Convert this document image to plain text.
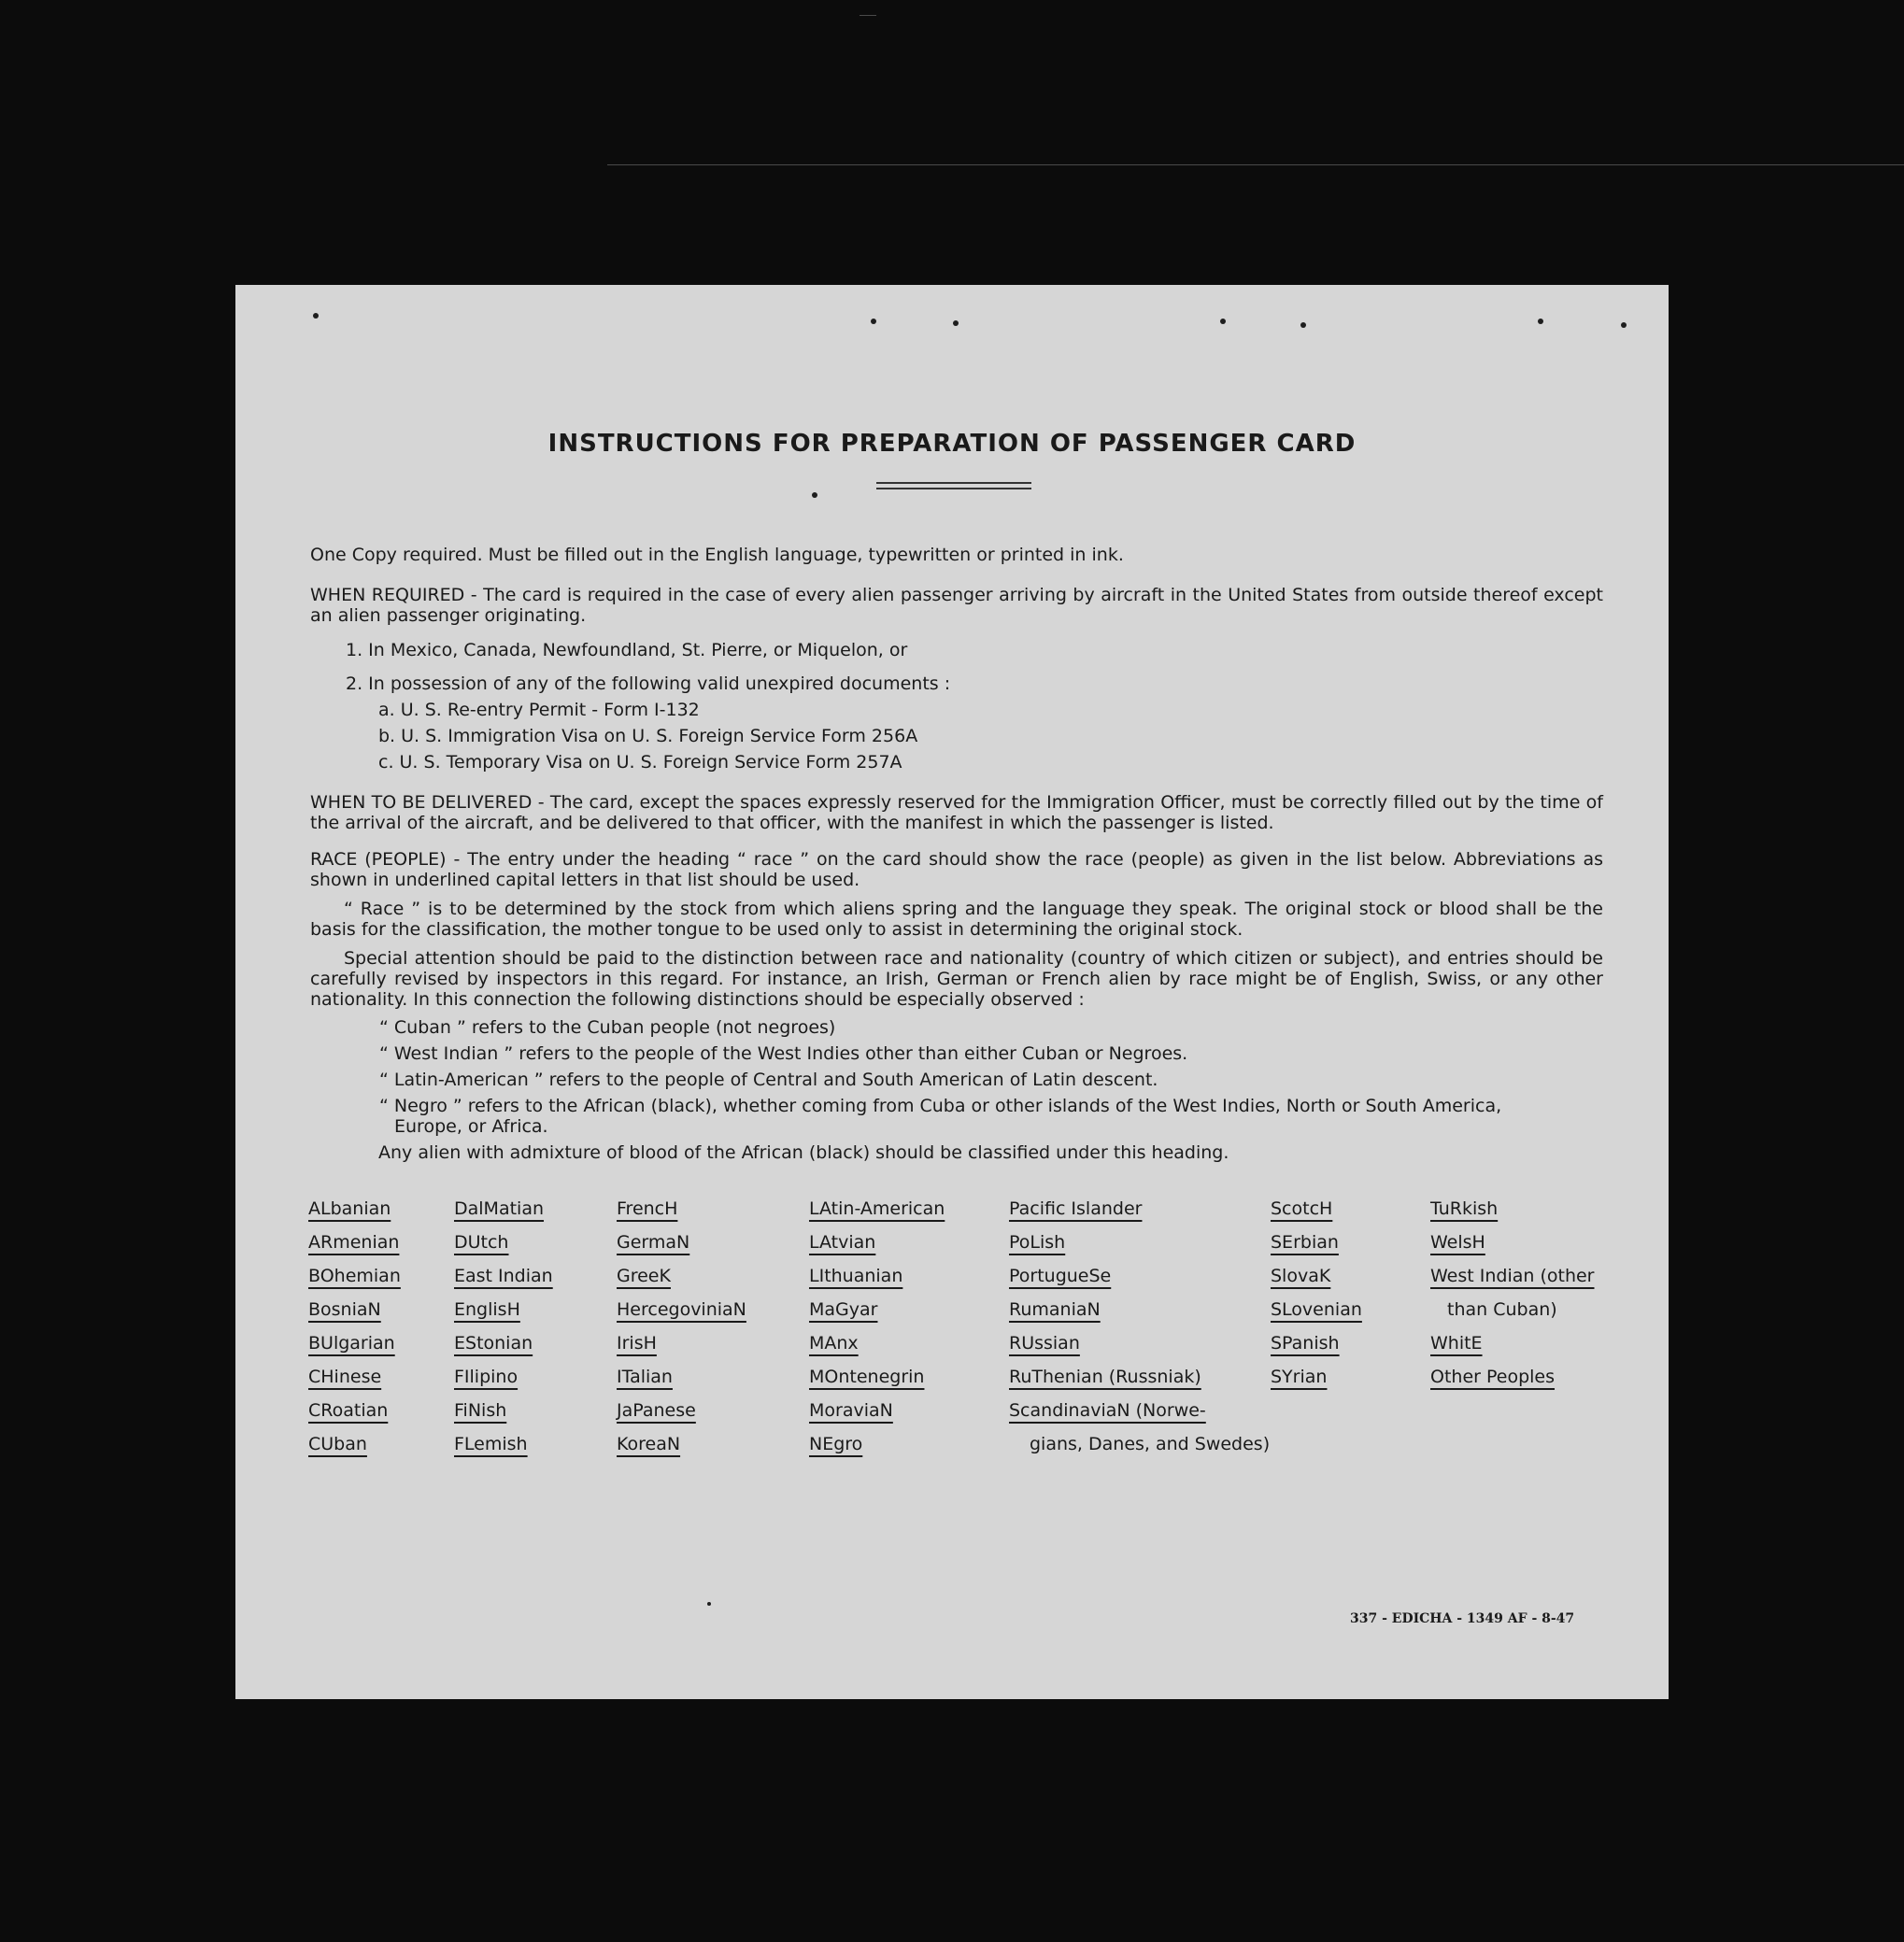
INSTRUCTIONS FOR PREPARATION OF PASSENGER CARD
One Copy required. Must be filled out in the English language, typewritten or printed in ink.
WHEN REQUIRED - The card is required in the case of every alien passenger arriving by aircraft in the United States from outside thereof except an alien passenger originating.
1. In Mexico, Canada, Newfoundland, St. Pierre, or Miquelon, or
2. In possession of any of the following valid unexpired documents :
a. U. S. Re-entry Permit - Form I-132
b. U. S. Immigration Visa on U. S. Foreign Service Form 256A
c. U. S. Temporary Visa on U. S. Foreign Service Form 257A
WHEN TO BE DELIVERED - The card, except the spaces expressly reserved for the Immigration Officer, must be correctly filled out by the time of the arrival of the aircraft, and be delivered to that officer, with the manifest in which the passenger is listed.
RACE (PEOPLE) - The entry under the heading “ race ” on the card should show the race (people) as given in the list below. Abbreviations as shown in underlined capital letters in that list should be used.
“ Race ” is to be determined by the stock from which aliens spring and the language they speak. The original stock or blood shall be the basis for the classification, the mother tongue to be used only to assist in determining the original stock.
Special attention should be paid to the distinction between race and nationality (country of which citizen or subject), and entries should be carefully revised by inspectors in this regard. For instance, an Irish, German or French alien by race might be of English, Swiss, or any other nationality. In this connection the following distinctions should be especially observed :
“ Cuban ” refers to the Cuban people (not negroes)
“ West Indian ” refers to the people of the West Indies other than either Cuban or Negroes.
“ Latin-American ” refers to the people of Central and South American of Latin descent.
“ Negro ” refers to the African (black), whether coming from Cuba or other islands of the West Indies, North or South America,
Europe, or Africa.
Any alien with admixture of blood of the African (black) should be classified under this heading.
ALbanian
ARmenian
BOhemian
BosniaN
BUlgarian
CHinese
CRoatian
CUban
DalMatian
DUtch
East Indian
EnglisH
EStonian
FIlipino
FiNish
FLemish
FrencH
GermaN
GreeK
HercegoviniaN
IrisH
ITalian
JaPanese
KoreaN
LAtin-American
LAtvian
LIthuanian
MaGyar
MAnx
MOntenegrin
MoraviaN
NEgro
Pacific Islander
PoLish
PortugueSe
RumaniaN
RUssian
RuThenian (Russniak)
ScandinaviaN (Norwe-
gians, Danes, and Swedes)
ScotcH
SErbian
SlovaK
SLovenian
SPanish
SYrian
TuRkish
WelsH
West Indian (other
than Cuban)
WhitE
Other Peoples
337 - EDICHA - 1349 AF - 8-47
